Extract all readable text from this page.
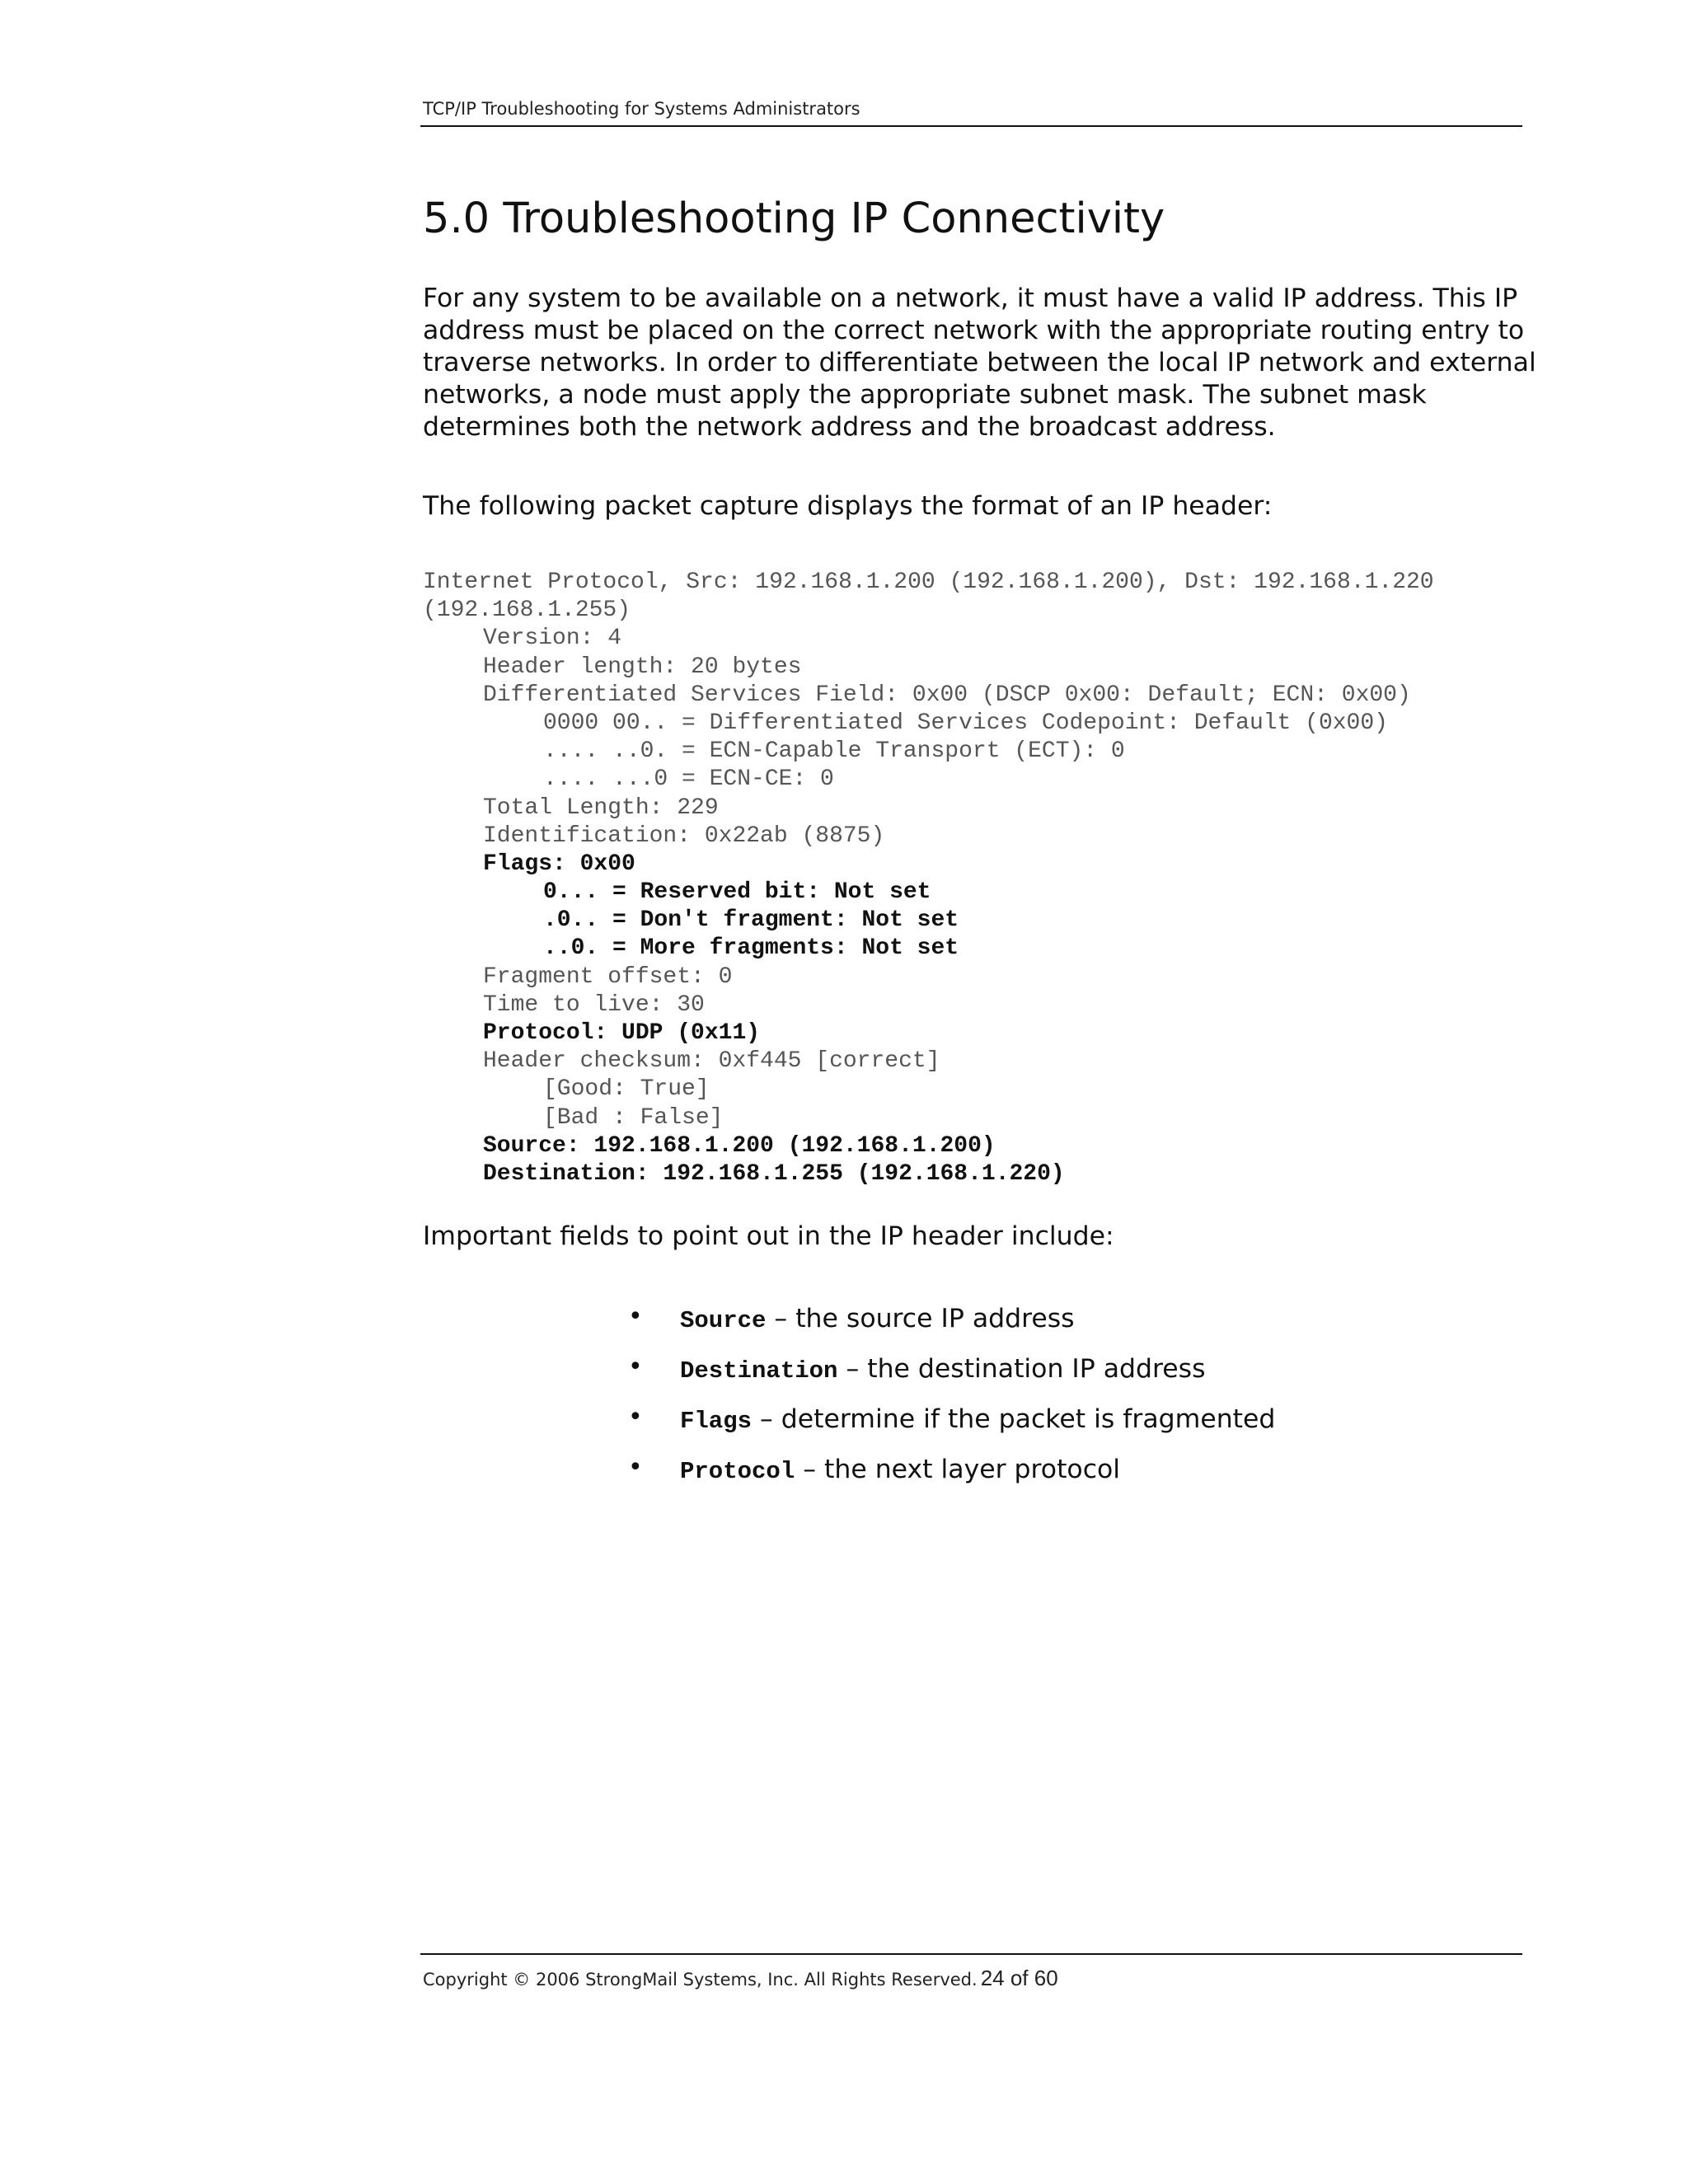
TCP/IP Troubleshooting for Systems Administrators
5.0 Troubleshooting IP Connectivity

For any system to be available on a network, it must have a valid IP address. This IP
address must be placed on the correct network with the appropriate routing entry to
traverse networks. In order to differentiate between the local IP network and external
networks, a node must apply the appropriate subnet mask. The subnet mask
determines both the network address and the broadcast address.

The following packet capture displays the format of an IP header:

Internet Protocol, Src: 192.168.1.200 (192.168.1.200), Dst: 192.168.1.220
(192.168.1.255)
Version: 4
Header length: 20 bytes
Differentiated Services Field: 0x00 (DSCP 0x00: Default; ECN: 0x00)
0000 00.. = Differentiated Services Codepoint: Default (0x00)
.... ..0. = ECN-Capable Transport (ECT): 0
.... ...0 = ECN-CE: 0
Total Length: 229
Identification: 0x22ab (8875)
Flags: 0x00
0... = Reserved bit: Not set
.0.. = Don't fragment: Not set
..0. = More fragments: Not set
Fragment offset: 0
Time to live: 30
Protocol: UDP (0x11)
Header checksum: 0xf445 [correct]
[Good: True]
[Bad : False]
Source: 192.168.1.200 (192.168.1.200)
Destination: 192.168.1.255 (192.168.1.220)

Important fields to point out in the IP header include:

• Source – the source IP address
• Destination – the destination IP address
• Flags – determine if the packet is fragmented
• Protocol – the next layer protocol
Copyright © 2006 StrongMail Systems, Inc. All Rights Reserved. 24 of 60
